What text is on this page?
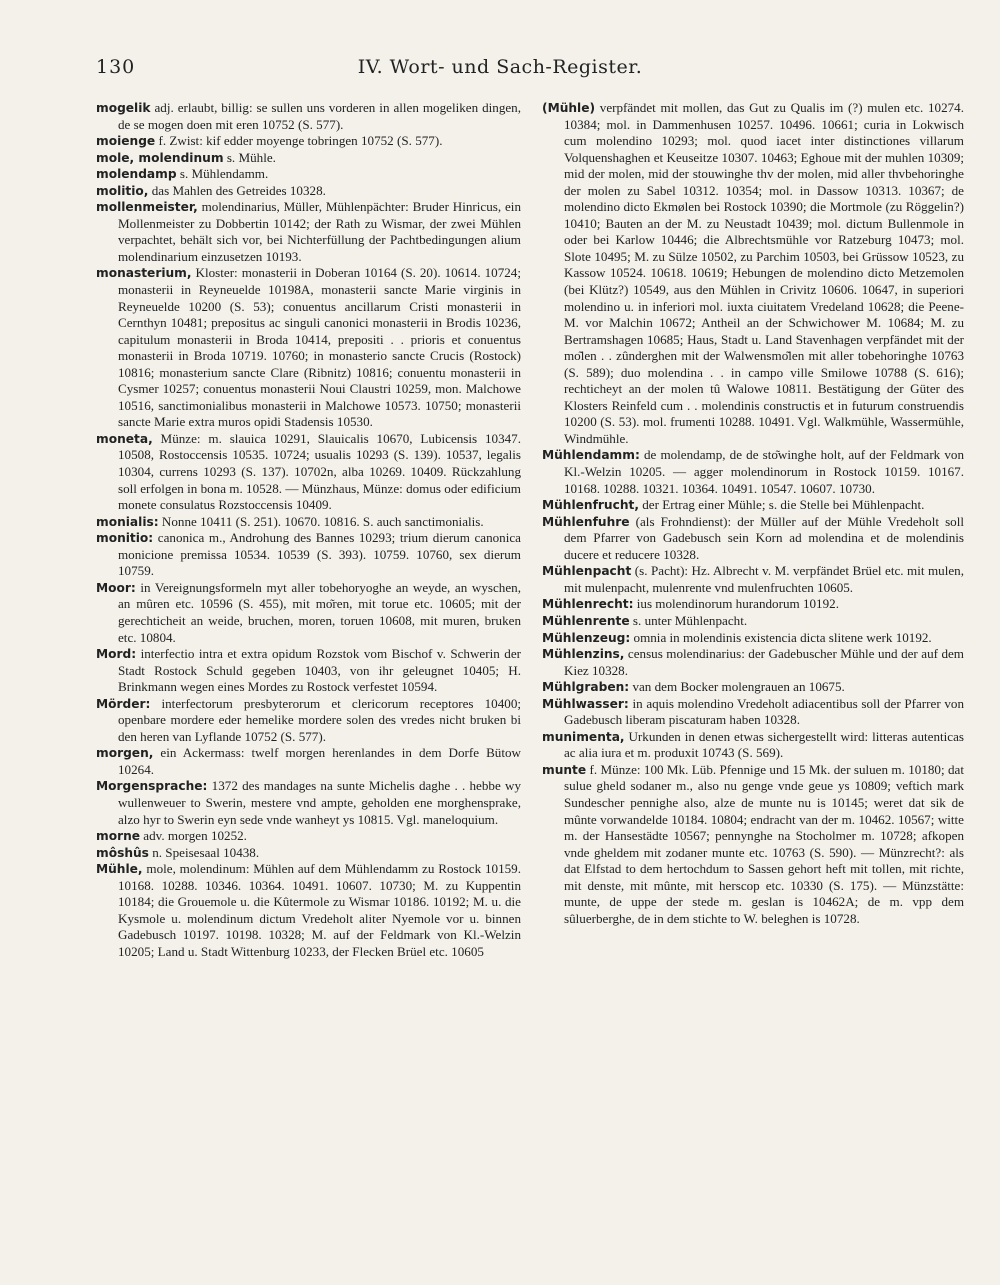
130	IV. Wort- und Sach-Register.

mogelik adj. erlaubt, billig: se sullen uns vorderen in allen mogeliken dingen, de se mogen doen mit eren 10752 (S. 577).

moienge f. Zwist: kif edder moyenge tobringen 10752 (S. 577).

mole, molendinum s. Mühle.

molendamp s. Mühlendamm.

molitio, das Mahlen des Getreides 10328.

mollenmeister, molendinarius, Müller, Mühlenpächter: Bruder Hinricus, ein Mollenmeister zu Dobbertin 10142; der Rath zu Wismar, der zwei Mühlen verpachtet, behält sich vor, bei Nichterfüllung der Pachtbedingungen alium molendinarium einzusetzen 10193.

monasterium, Kloster: monasterii in Doberan 10164 (S. 20). 10614. 10724; monasterii in Reyneuelde 10198A, monasterii sancte Marie virginis in Reyneuelde 10200 (S. 53); conuentus ancillarum Cristi monasterii in Cernthyn 10481; prepositus ac singuli canonici monasterii in Brodis 10236, capitulum monasterii in Broda 10414, prepositi . . prioris et conuentus monasterii in Broda 10719. 10760; in monasterio sancte Crucis (Rostock) 10816; monasterium sancte Clare (Ribnitz) 10816; conuentu monasterii in Cysmer 10257; conuentus monasterii Noui Claustri 10259, mon. Malchowe 10516, sanctimonialibus monasterii in Malchowe 10573. 10750; monasterii sancte Marie extra muros opidi Stadensis 10530.

moneta, Münze: m. slauica 10291, Slauicalis 10670, Lubicensis 10347. 10508, Rostoccensis 10535. 10724; usualis 10293 (S. 139). 10537, legalis 10304, currens 10293 (S. 137). 10702n, alba 10269. 10409. Rückzahlung soll erfolgen in bona m. 10528. — Münzhaus, Münze: domus oder edificium monete consulatus Rozstoccensis 10409.

monialis: Nonne 10411 (S. 251). 10670. 10816. S. auch sanctimonialis.

monitio: canonica m., Androhung des Bannes 10293; trium dierum canonica monicione premissa 10534. 10539 (S. 393). 10759. 10760, sex dierum 10759.

Moor: in Vereignungsformeln myt aller tobehoryoghe an weyde, an wyschen, an mûren etc. 10596 (S. 455), mit mo͂ren, mit torue etc. 10605; mit der gerechticheit an weide, bruchen, moren, toruen 10608, mit muren, bruken etc. 10804.

Mord: interfectio intra et extra opidum Rozstok vom Bischof v. Schwerin der Stadt Rostock Schuld gegeben 10403, von ihr geleugnet 10405; H. Brinkmann wegen eines Mordes zu Rostock verfestet 10594.

Mörder: interfectorum presbyterorum et clericorum receptores 10400; openbare mordere eder hemelike mordere solen des vredes nicht bruken bi den heren van Lyflande 10752 (S. 577).

morgen, ein Ackermass: twelf morgen herenlandes in dem Dorfe Bütow 10264.

Morgensprache: 1372 des mandages na sunte Michelis daghe . . hebbe wy wullenweuer to Swerin, mestere vnd ampte, geholden ene morghensprake, alzo hyr to Swerin eyn sede vnde wanheyt ys 10815. Vgl. maneloquium.

morne adv. morgen 10252.

môshûs n. Speisesaal 10438.

Mühle, mole, molendinum: Mühlen auf dem Mühlendamm zu Rostock 10159. 10168. 10288. 10346. 10364. 10491. 10607. 10730; M. zu Kuppentin 10184; die Grouemole u. die Kûtermole zu Wismar 10186. 10192; M. u. die Kysmole u. molendinum dictum Vredeholt aliter Nyemole vor u. binnen Gadebusch 10197. 10198. 10328; M. auf der Feldmark von Kl.-Welzin 10205; Land u. Stadt Wittenburg 10233, der Flecken Brüel etc. 10605

(Mühle) verpfändet mit mollen, das Gut zu Qualis im (?) mulen etc. 10274. 10384; mol. in Dammenhusen 10257. 10496. 10661; curia in Lokwisch cum molendino 10293; mol. quod iacet inter distinctiones villarum Volquenshaghen et Keuseitze 10307. 10463; Eghoue mit der muhlen 10309; mid der molen, mid der stouwinghe thv der molen, mid aller thvbehoringhe der molen zu Sabel 10312. 10354; mol. in Dassow 10313. 10367; de molendino dicto Ekmølen bei Rostock 10390; die Mortmole (zu Röggelin?) 10410; Bauten an der M. zu Neustadt 10439; mol. dictum Bullenmole in oder bei Karlow 10446; die Albrechtsmühle vor Ratzeburg 10473; mol. Slote 10495; M. zu Sülze 10502, zu Parchim 10503, bei Grüssow 10523, zu Kassow 10524. 10618. 10619; Hebungen de molendino dicto Metzemolen (bei Klütz?) 10549, aus den Mühlen in Crivitz 10606. 10647, in superiori molendino u. in inferiori mol. iuxta ciuitatem Vredeland 10628; die Peene-M. vor Malchin 10672; Antheil an der Schwichower M. 10684; M. zu Bertramshagen 10685; Haus, Stadt u. Land Stavenhagen verpfändet mit der mo͂len . . zûnderghen mit der Walwensmo͂len mit aller tobehoringhe 10763 (S. 589); duo molendina . . in campo ville Smilowe 10788 (S. 616); rechticheyt an der molen tû Walowe 10811. Bestätigung der Güter des Klosters Reinfeld cum . . molendinis constructis et in futurum construendis 10200 (S. 53). mol. frumenti 10288. 10491. Vgl. Walkmühle, Wassermühle, Windmühle.

Mühlendamm: de molendamp, de de sto͂winghe holt, auf der Feldmark von Kl.-Welzin 10205. — agger molendinorum in Rostock 10159. 10167. 10168. 10288. 10321. 10364. 10491. 10547. 10607. 10730.

Mühlenfrucht, der Ertrag einer Mühle; s. die Stelle bei Mühlenpacht.

Mühlenfuhre (als Frohndienst): der Müller auf der Mühle Vredeholt soll dem Pfarrer von Gadebusch sein Korn ad molendina et de molendinis ducere et reducere 10328.

Mühlenpacht (s. Pacht): Hz. Albrecht v. M. verpfändet Brüel etc. mit mulen, mit mulenpacht, mulenrente vnd mulenfruchten 10605.

Mühlenrecht: ius molendinorum hurandorum 10192.

Mühlenrente s. unter Mühlenpacht.

Mühlenzeug: omnia in molendinis existencia dicta slitene werk 10192.

Mühlenzins, census molendinarius: der Gadebuscher Mühle und der auf dem Kiez 10328.

Mühlgraben: van dem Bocker molengrauen an 10675.

Mühlwasser: in aquis molendino Vredeholt adiacentibus soll der Pfarrer von Gadebusch liberam piscaturam haben 10328.

munimenta, Urkunden in denen etwas sichergestellt wird: litteras autenticas ac alia iura et m. produxit 10743 (S. 569).

munte f. Münze: 100 Mk. Lüb. Pfennige und 15 Mk. der suluen m. 10180; dat sulue gheld sodaner m., also nu genge vnde geue ys 10809; veftich mark Sundescher pennighe also, alze de munte nu is 10145; weret dat sik de mûnte vorwandelde 10184. 10804; endracht van der m. 10462. 10567; witte m. der Hansestädte 10567; pennynghe na Stocholmer m. 10728; afkopen vnde gheldem mit zodaner munte etc. 10763 (S. 590). — Münzrecht?: als dat Elfstad to dem hertochdum to Sassen gehort heft mit tollen, mit richte, mit denste, mit mûnte, mit herscop etc. 10330 (S. 175). — Münzstätte: munte, de uppe der stede m. geslan is 10462A; de m. vpp dem sûluerberghe, de in dem stichte to W. beleghen is 10728.
